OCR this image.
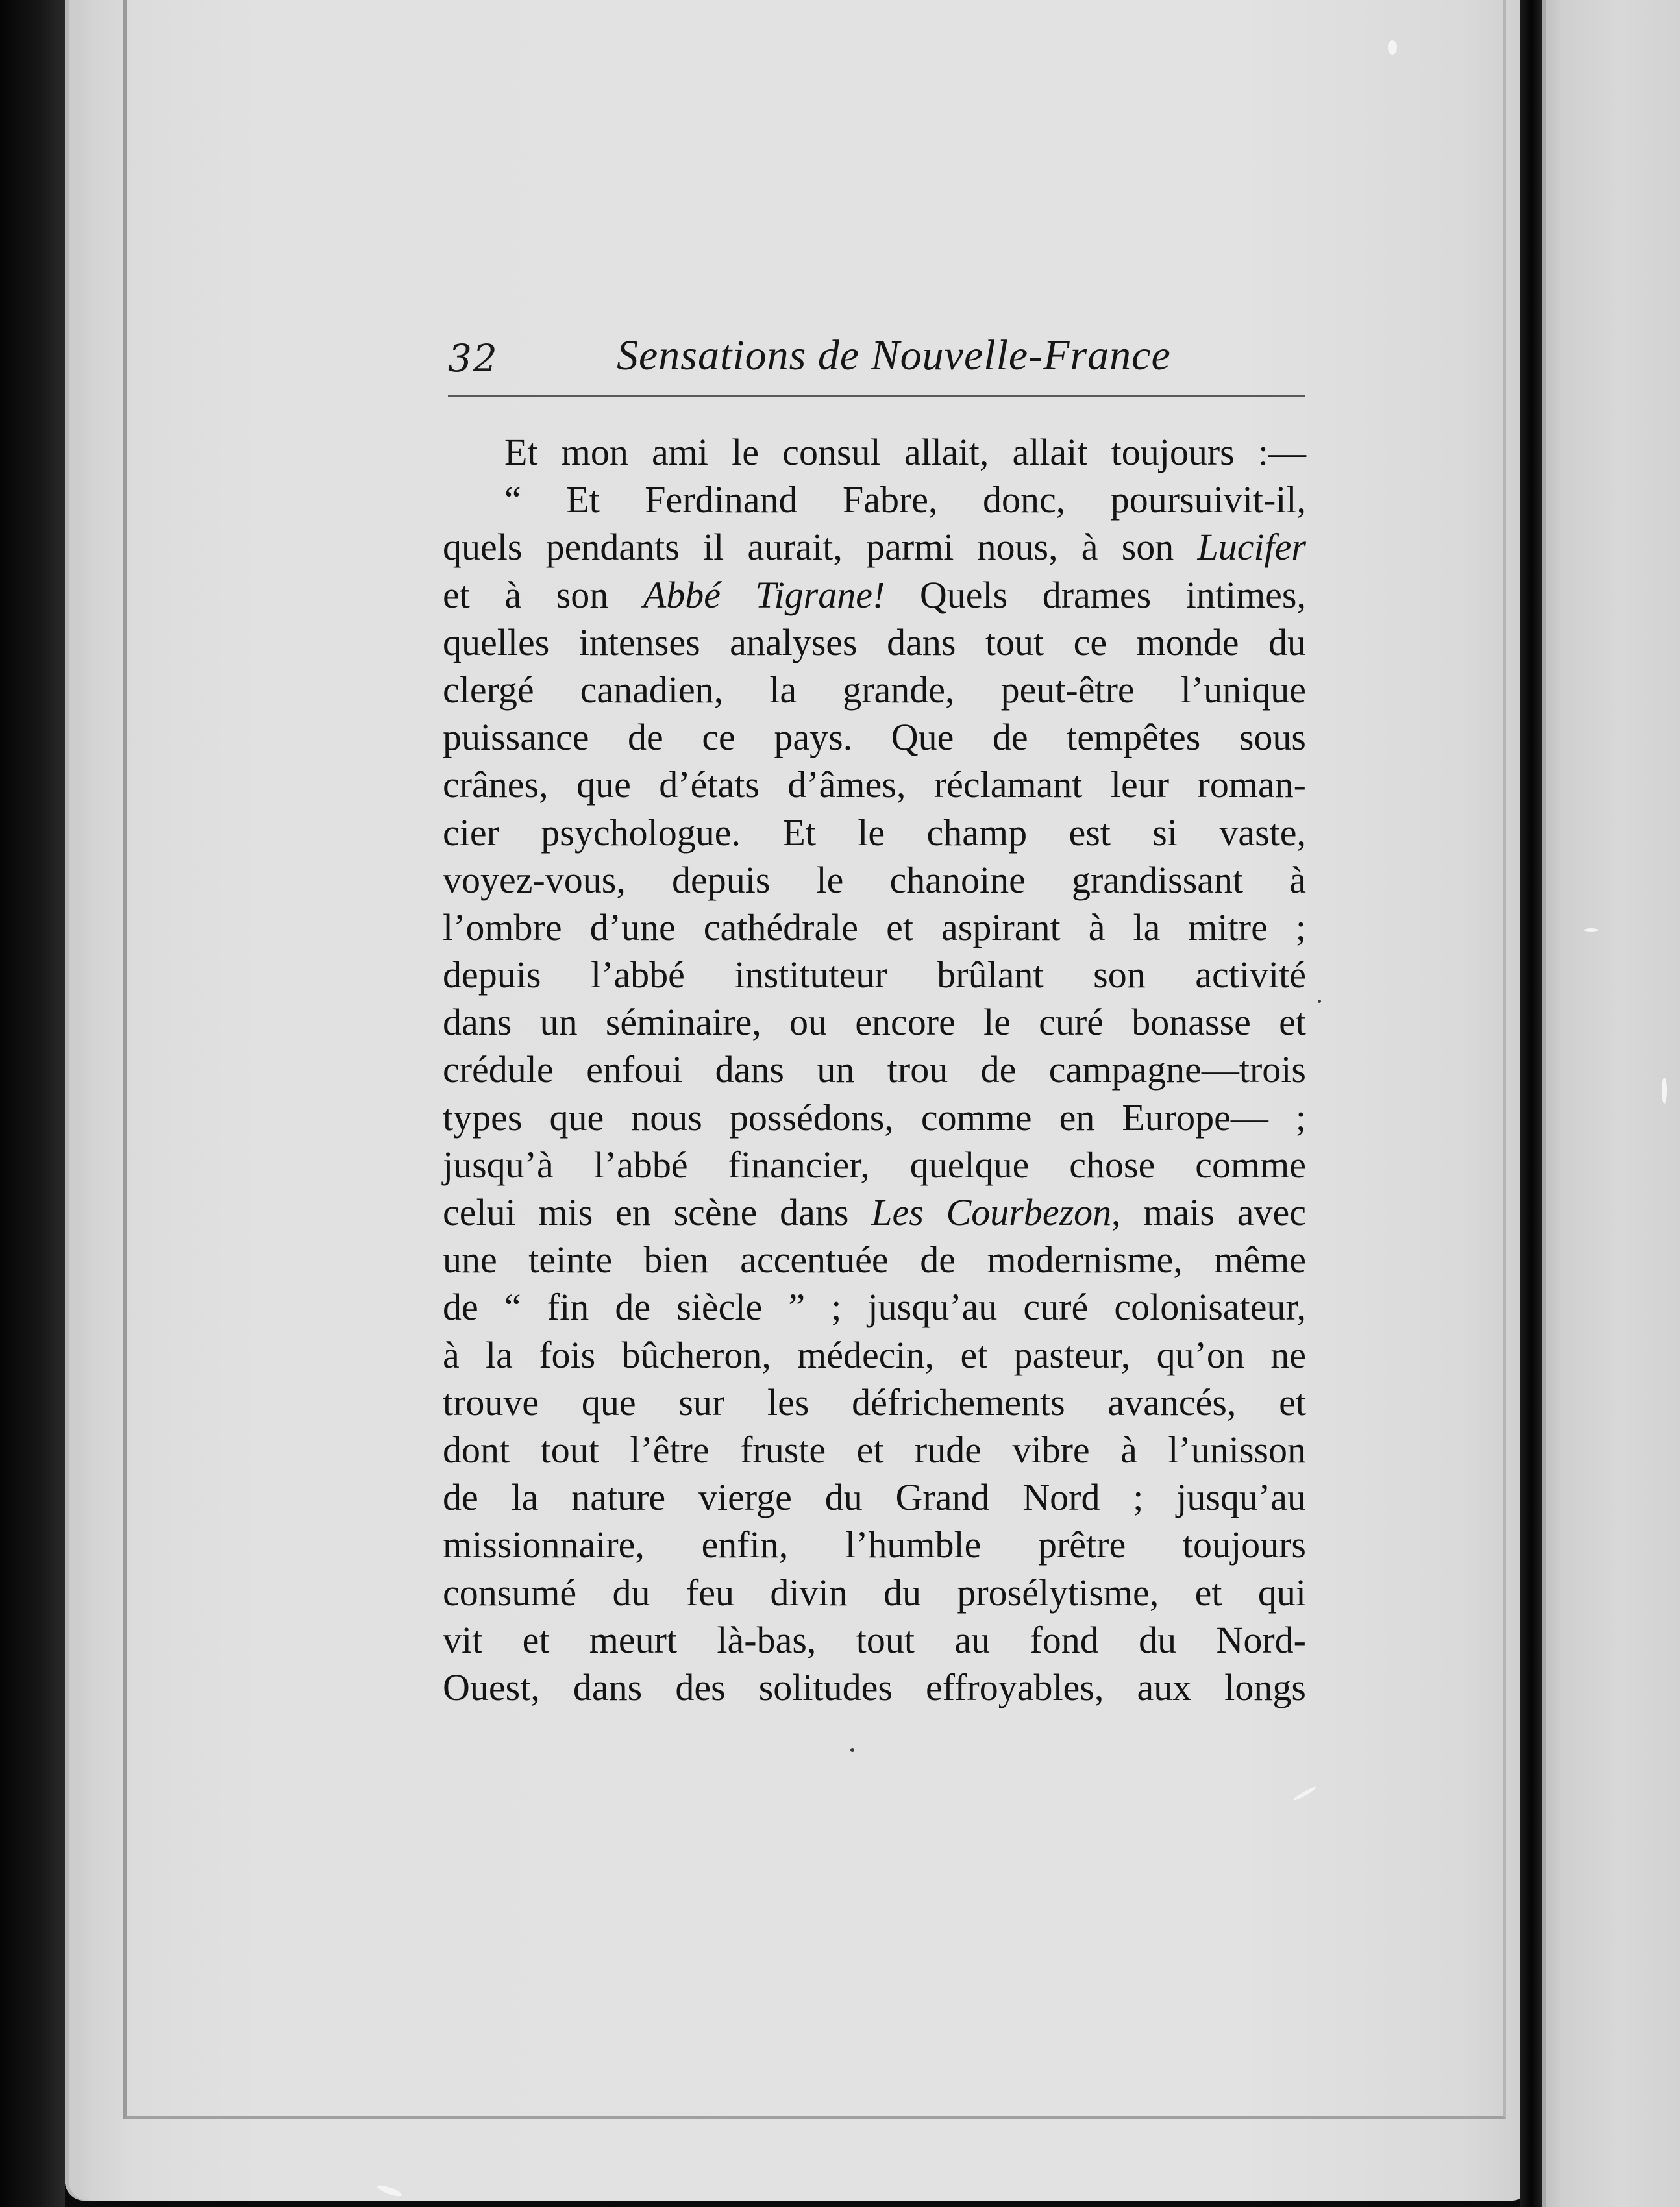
32	Sensations de Nouvelle-France
Et mon ami le consul allait, allait toujours :—
“ Et Ferdinand Fabre, donc, poursuivit-il,
quels pendants il aurait, parmi nous, à son Lucifer
et à son Abbé Tigrane! Quels drames intimes,
quelles intenses analyses dans tout ce monde du
clergé canadien, la grande, peut-être l’unique
puissance de ce pays. Que de tempêtes sous
crânes, que d’états d’âmes, réclamant leur roman-
cier psychologue. Et le champ est si vaste,
voyez-vous, depuis le chanoine grandissant à
l’ombre d’une cathédrale et aspirant à la mitre ;
depuis l’abbé instituteur brûlant son activité
dans un séminaire, ou encore le curé bonasse et
crédule enfoui dans un trou de campagne—trois
types que nous possédons, comme en Europe— ;
jusqu’à l’abbé financier, quelque chose comme
celui mis en scène dans Les Courbezon, mais avec
une teinte bien accentuée de modernisme, même
de “ fin de siècle ” ; jusqu’au curé colonisateur,
à la fois bûcheron, médecin, et pasteur, qu’on ne
trouve que sur les défrichements avancés, et
dont tout l’être fruste et rude vibre à l’unisson
de la nature vierge du Grand Nord ; jusqu’au
missionnaire, enfin, l’humble prêtre toujours
consumé du feu divin du prosélytisme, et qui
vit et meurt là-bas, tout au fond du Nord-
Ouest, dans des solitudes effroyables, aux longs
